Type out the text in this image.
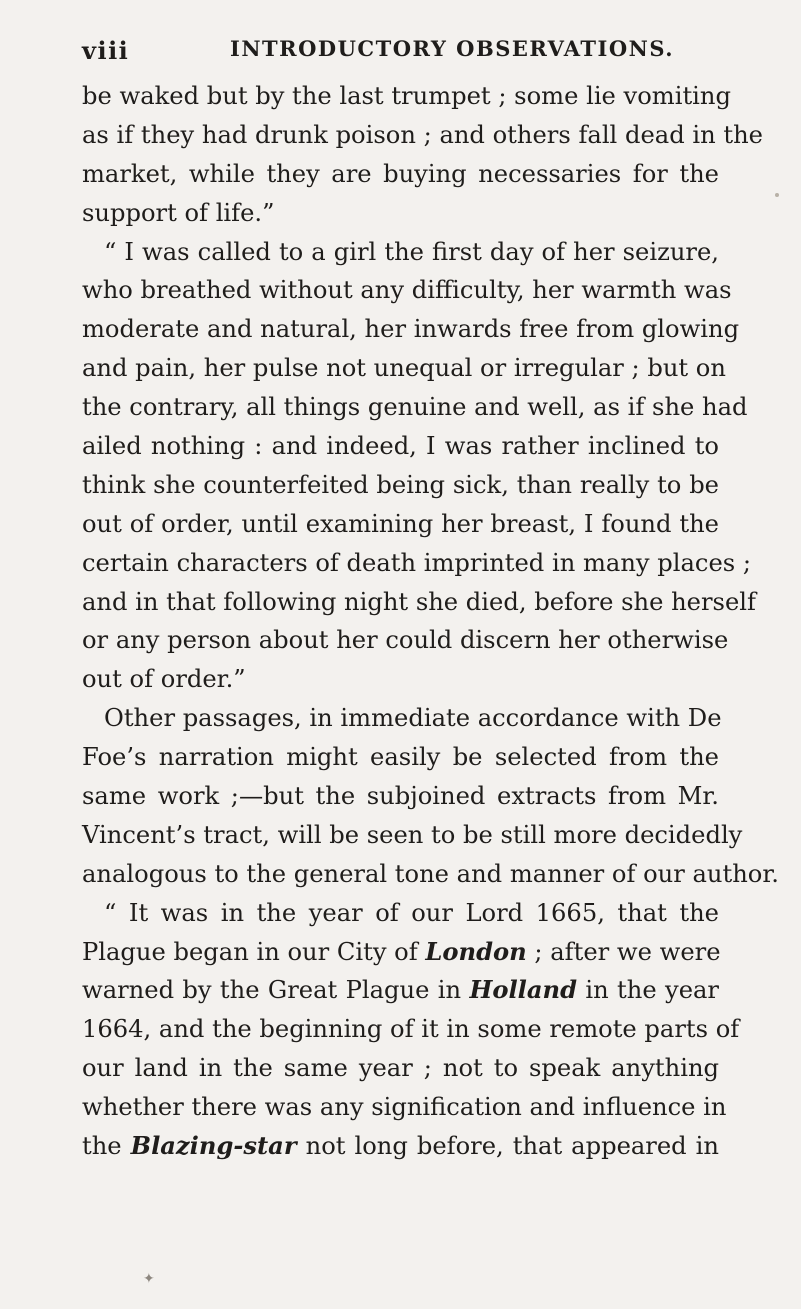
viii	INTRODUCTORY OBSERVATIONS.
be waked but by the last trumpet ; some lie vomiting
as if they had drunk poison ; and others fall dead in the
market, while they are buying necessaries for the
support of life.”
“ I was called to a girl the first day of her seizure,
who breathed without any difficulty, her warmth was
moderate and natural, her inwards free from glowing
and pain, her pulse not unequal or irregular ; but on
the contrary, all things genuine and well, as if she had
ailed nothing : and indeed, I was rather inclined to
think she counterfeited being sick, than really to be
out of order, until examining her breast, I found the
certain characters of death imprinted in many places ;
and in that following night she died, before she herself
or any person about her could discern her otherwise
out of order.”
Other passages, in immediate accordance with De
Foe’s narration might easily be selected from the
same work ;—but the subjoined extracts from Mr.
Vincent’s tract, will be seen to be still more decidedly
analogous to the general tone and manner of our author.
“ It was in the year of our Lord 1665, that the
Plague began in our City of London ; after we were
warned by the Great Plague in Holland in the year
1664, and the beginning of it in some remote parts of
our land in the same year ; not to speak anything
whether there was any signification and influence in
the Blazing-star not long before, that appeared in
✦
